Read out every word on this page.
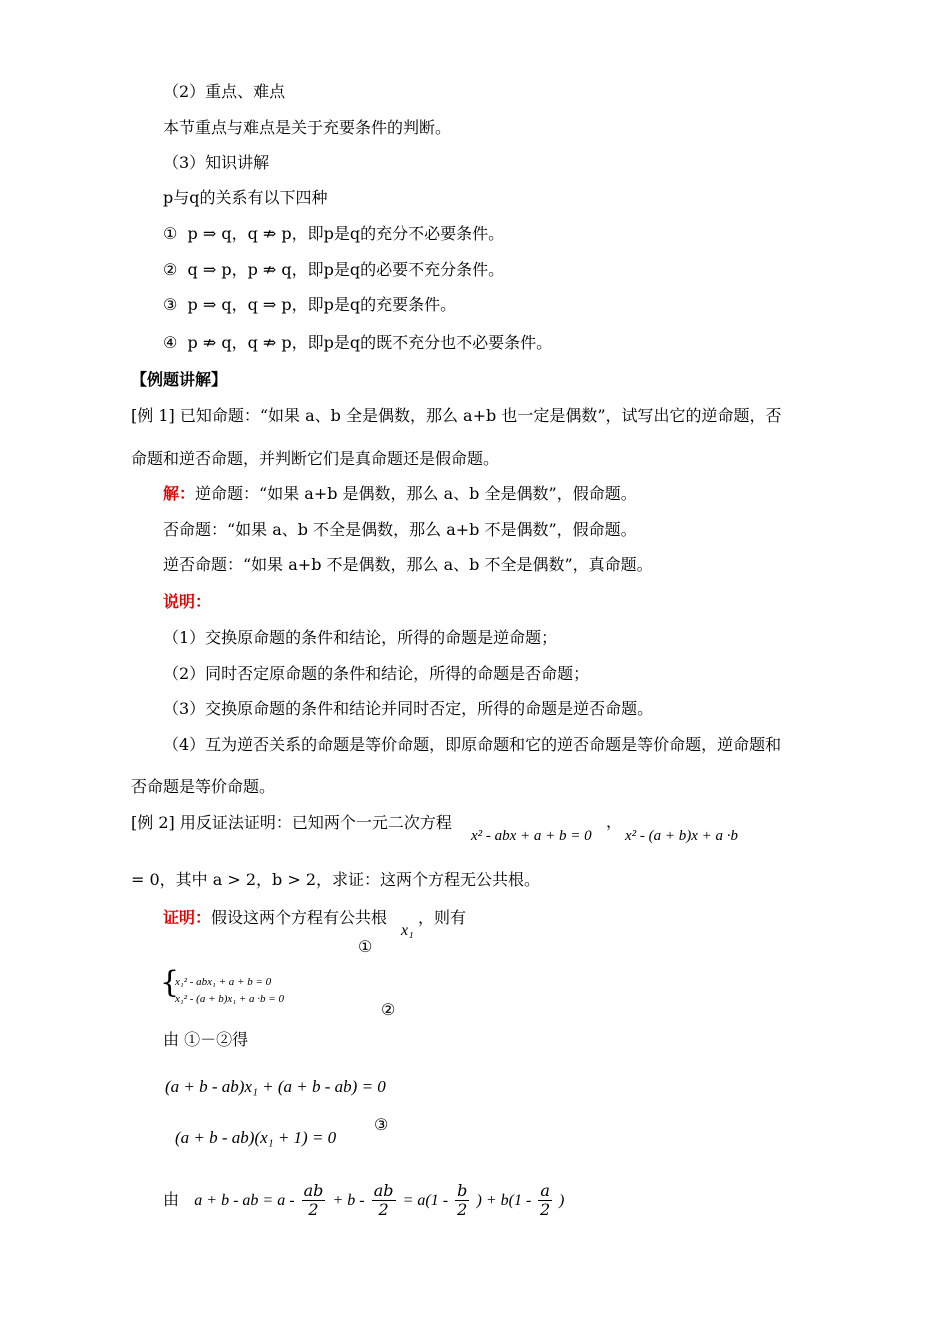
（2）重点、难点
本节重点与难点是关于充要条件的判断。
（3）知识讲解
p与q的关系有以下四种
① p ⇒ q，q ⇏ p，即p是q的充分不必要条件。
② q ⇒ p，p ⇏ q，即p是q的必要不充分条件。
③ p ⇒ q，q ⇒ p，即p是q的充要条件。
④ p ⇏ q，q ⇏ p，即p是q的既不充分也不必要条件。
【例题讲解】
[例 1] 已知命题：“如果 a、b 全是偶数，那么 a+b 也一定是偶数”，试写出它的逆命题，否
命题和逆否命题，并判断它们是真命题还是假命题。
解：逆命题：“如果 a+b 是偶数，那么 a、b 全是偶数”，假命题。
否命题：“如果 a、b 不全是偶数，那么 a+b 不是偶数”，假命题。
逆否命题：“如果 a+b 不是偶数，那么 a、b 不全是偶数”，真命题。
说明：
（1）交换原命题的条件和结论，所得的命题是逆命题；
（2）同时否定原命题的条件和结论，所得的命题是否命题；
（3）交换原命题的条件和结论并同时否定，所得的命题是逆否命题。
（4）互为逆否关系的命题是等价命题，即原命题和它的逆否命题是等价命题，逆命题和
否命题是等价命题。
[例 2] 用反证法证明：已知两个一元二次方程
x² - abx + a + b = 0
，
x² - (a + b)x + a ·b
= 0，其中 a > 2，b > 2，求证：这两个方程无公共根。
证明：假设这两个方程有公共根
x₁
，则有
①
{
x₁² - abx₁ + a + b = 0
x₁² - (a + b)x₁ + a ·b = 0
②
由 ①－②得
(a + b - ab)x₁ + (a + b - ab) = 0
(a + b - ab)(x₁ + 1) = 0
③
由 a + b - ab = $a - \frac{ab}{2} + b - \frac{ab}{2} = a(1 - \frac{b}{2}$ ) + $b(1 - \frac{a}{2}$ )
